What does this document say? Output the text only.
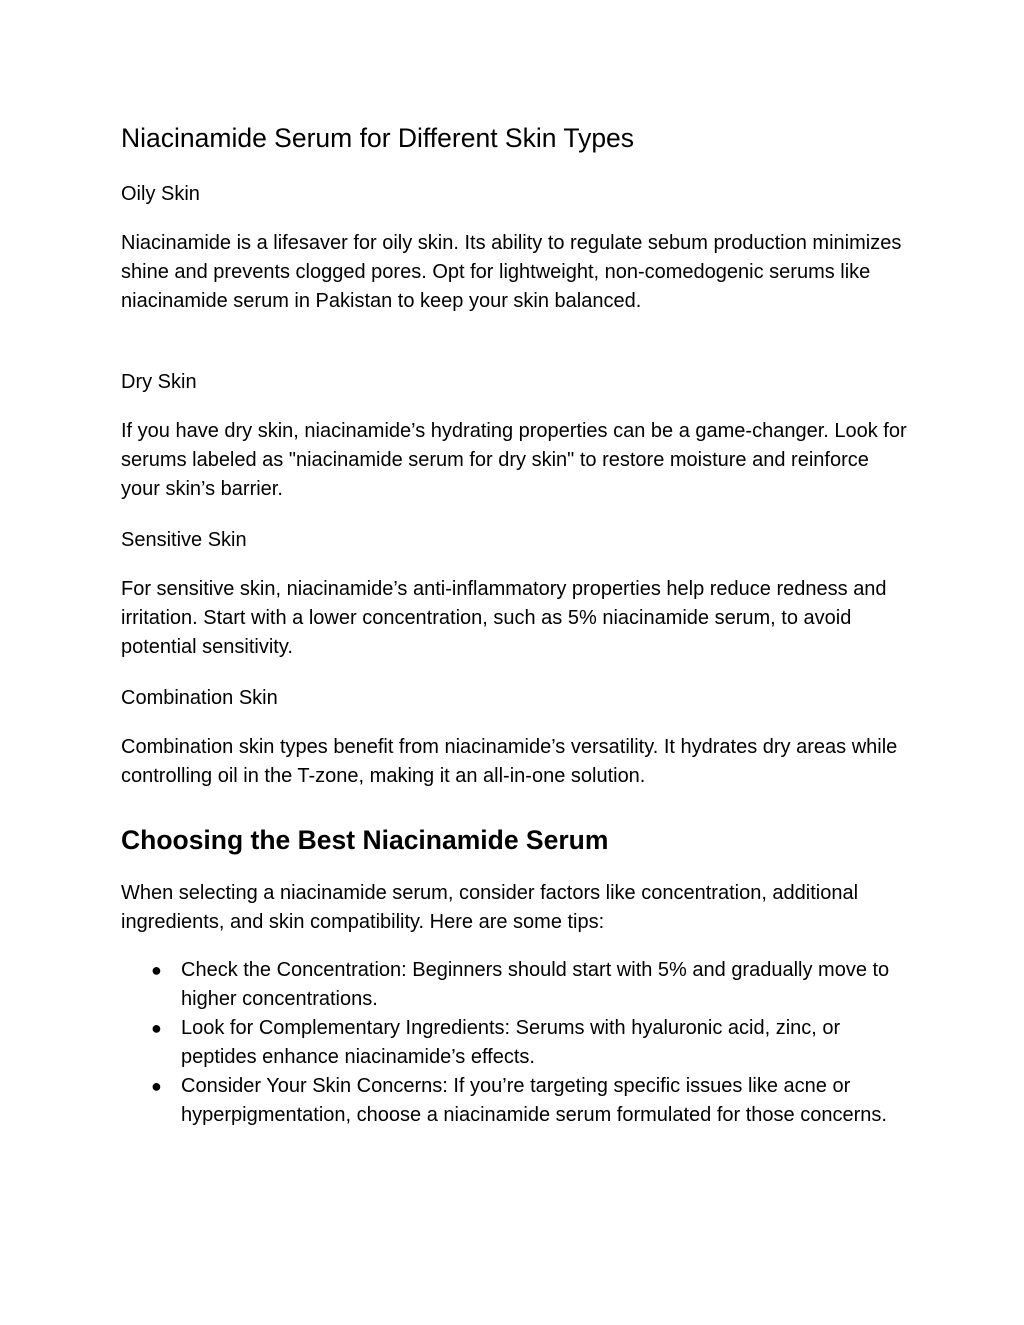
Niacinamide Serum for Different Skin Types
Oily Skin

Niacinamide is a lifesaver for oily skin. Its ability to regulate sebum production minimizes shine and prevents clogged pores. Opt for lightweight, non-comedogenic serums like niacinamide serum in Pakistan to keep your skin balanced.

Dry Skin

If you have dry skin, niacinamide’s hydrating properties can be a game-changer. Look for serums labeled as "niacinamide serum for dry skin" to restore moisture and reinforce your skin’s barrier.

Sensitive Skin

For sensitive skin, niacinamide’s anti-inflammatory properties help reduce redness and irritation. Start with a lower concentration, such as 5% niacinamide serum, to avoid potential sensitivity.

Combination Skin

Combination skin types benefit from niacinamide’s versatility. It hydrates dry areas while controlling oil in the T-zone, making it an all-in-one solution.

Choosing the Best Niacinamide Serum

When selecting a niacinamide serum, consider factors like concentration, additional ingredients, and skin compatibility. Here are some tips:

● Check the Concentration: Beginners should start with 5% and gradually move to higher concentrations.
● Look for Complementary Ingredients: Serums with hyaluronic acid, zinc, or peptides enhance niacinamide’s effects.
● Consider Your Skin Concerns: If you’re targeting specific issues like acne or hyperpigmentation, choose a niacinamide serum formulated for those concerns.
